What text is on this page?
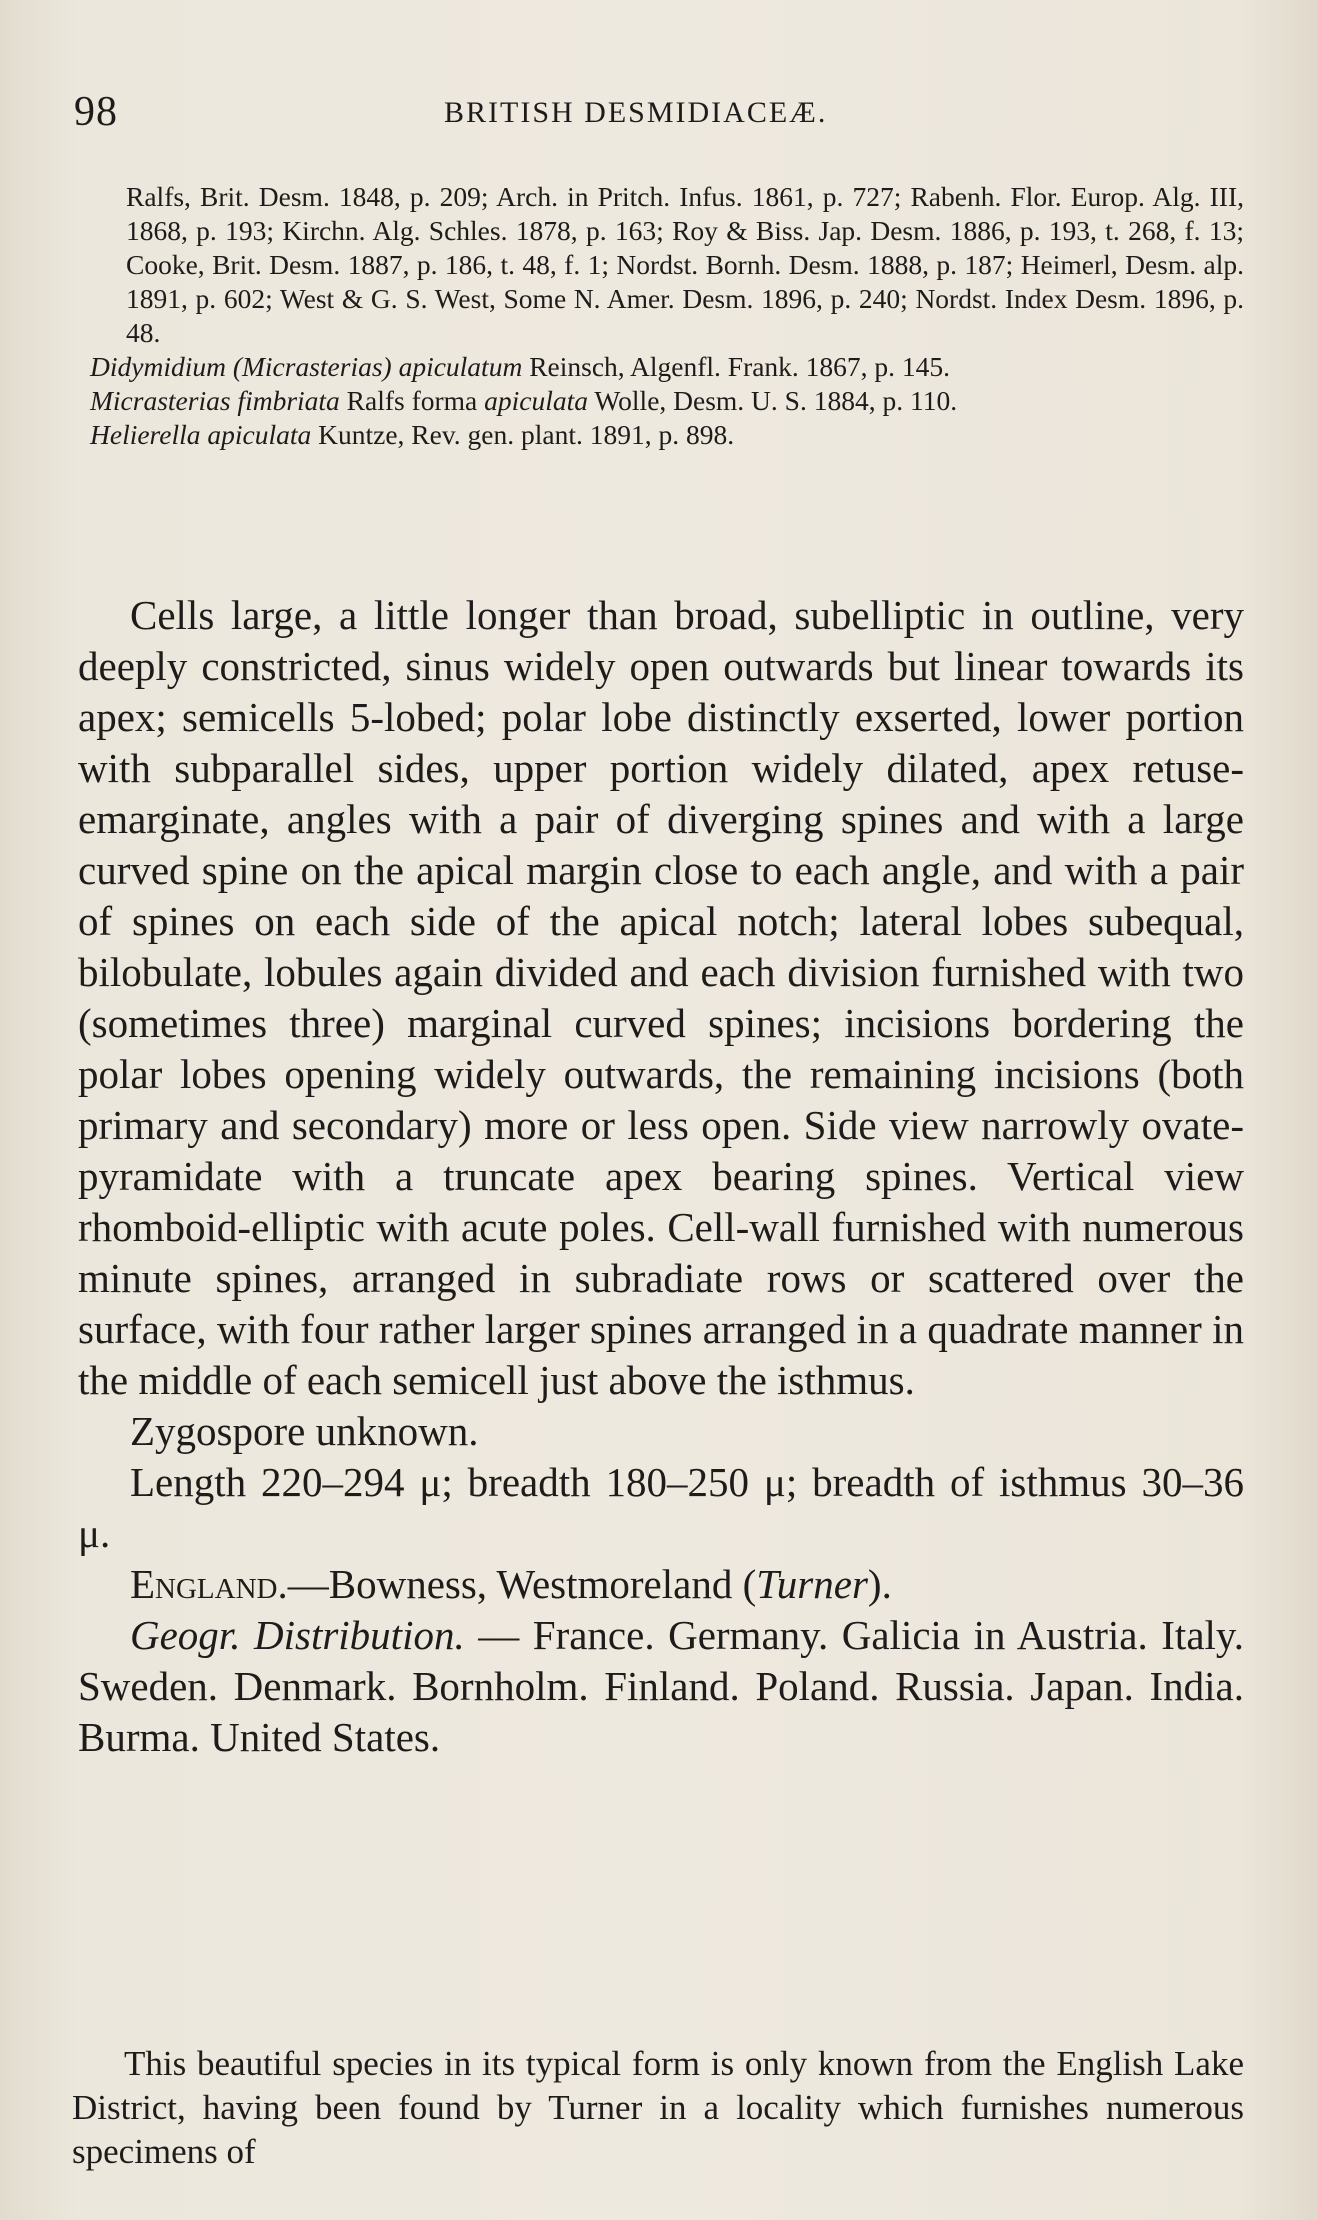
98	BRITISH DESMIDIACEÆ.

Ralfs, Brit. Desm. 1848, p. 209; Arch. in Pritch. Infus. 1861, p. 727; Rabenh. Flor. Europ. Alg. III, 1868, p. 193; Kirchn. Alg. Schles. 1878, p. 163; Roy & Biss. Jap. Desm. 1886, p. 193, t. 268, f. 13; Cooke, Brit. Desm. 1887, p. 186, t. 48, f. 1; Nordst. Bornh. Desm. 1888, p. 187; Heimerl, Desm. alp. 1891, p. 602; West & G. S. West, Some N. Amer. Desm. 1896, p. 240; Nordst. Index Desm. 1896, p. 48.

Didymidium (Micrasterias) apiculatum Reinsch, Algenfl. Frank. 1867, p. 145.

Micrasterias fimbriata Ralfs forma apiculata Wolle, Desm. U. S. 1884, p. 110.

Helierella apiculata Kuntze, Rev. gen. plant. 1891, p. 898.

Cells large, a little longer than broad, subelliptic in outline, very deeply constricted, sinus widely open outwards but linear towards its apex; semicells 5-lobed; polar lobe distinctly exserted, lower portion with subparallel sides, upper portion widely dilated, apex retuse-emarginate, angles with a pair of diverging spines and with a large curved spine on the apical margin close to each angle, and with a pair of spines on each side of the apical notch; lateral lobes subequal, bilobulate, lobules again divided and each division furnished with two (sometimes three) marginal curved spines; incisions bordering the polar lobes opening widely outwards, the remaining incisions (both primary and secondary) more or less open. Side view narrowly ovate-pyramidate with a truncate apex bearing spines. Vertical view rhomboid-elliptic with acute poles. Cell-wall furnished with numerous minute spines, arranged in subradiate rows or scattered over the surface, with four rather larger spines arranged in a quadrate manner in the middle of each semicell just above the isthmus.

Zygospore unknown.

Length 220–294 μ; breadth 180–250 μ; breadth of isthmus 30–36 μ.

England.—Bowness, Westmoreland (Turner).

Geogr. Distribution. — France. Germany. Galicia in Austria. Italy. Sweden. Denmark. Bornholm. Finland. Poland. Russia. Japan. India. Burma. United States.

This beautiful species in its typical form is only known from the English Lake District, having been found by Turner in a locality which furnishes numerous specimens of
